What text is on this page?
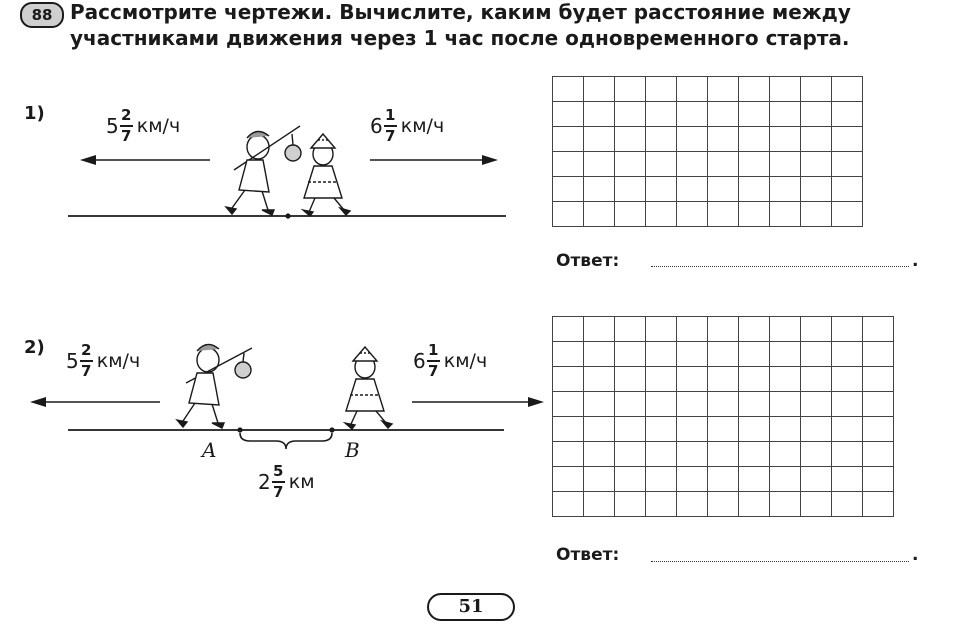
88 Рассмотрите чертежи. Вычислите, каким будет расстояние между
участниками движения через 1 час после одновременного старта.
1)
$5 \frac{2}{7} км/ч$	$6 \frac{1}{7} км/ч$
Ответ:	.
2)
$5 \frac{2}{7} км/ч$	$6 \frac{1}{7} км/ч$
A	B
$2 \frac{5}{7}$ км
Ответ:	.
51
